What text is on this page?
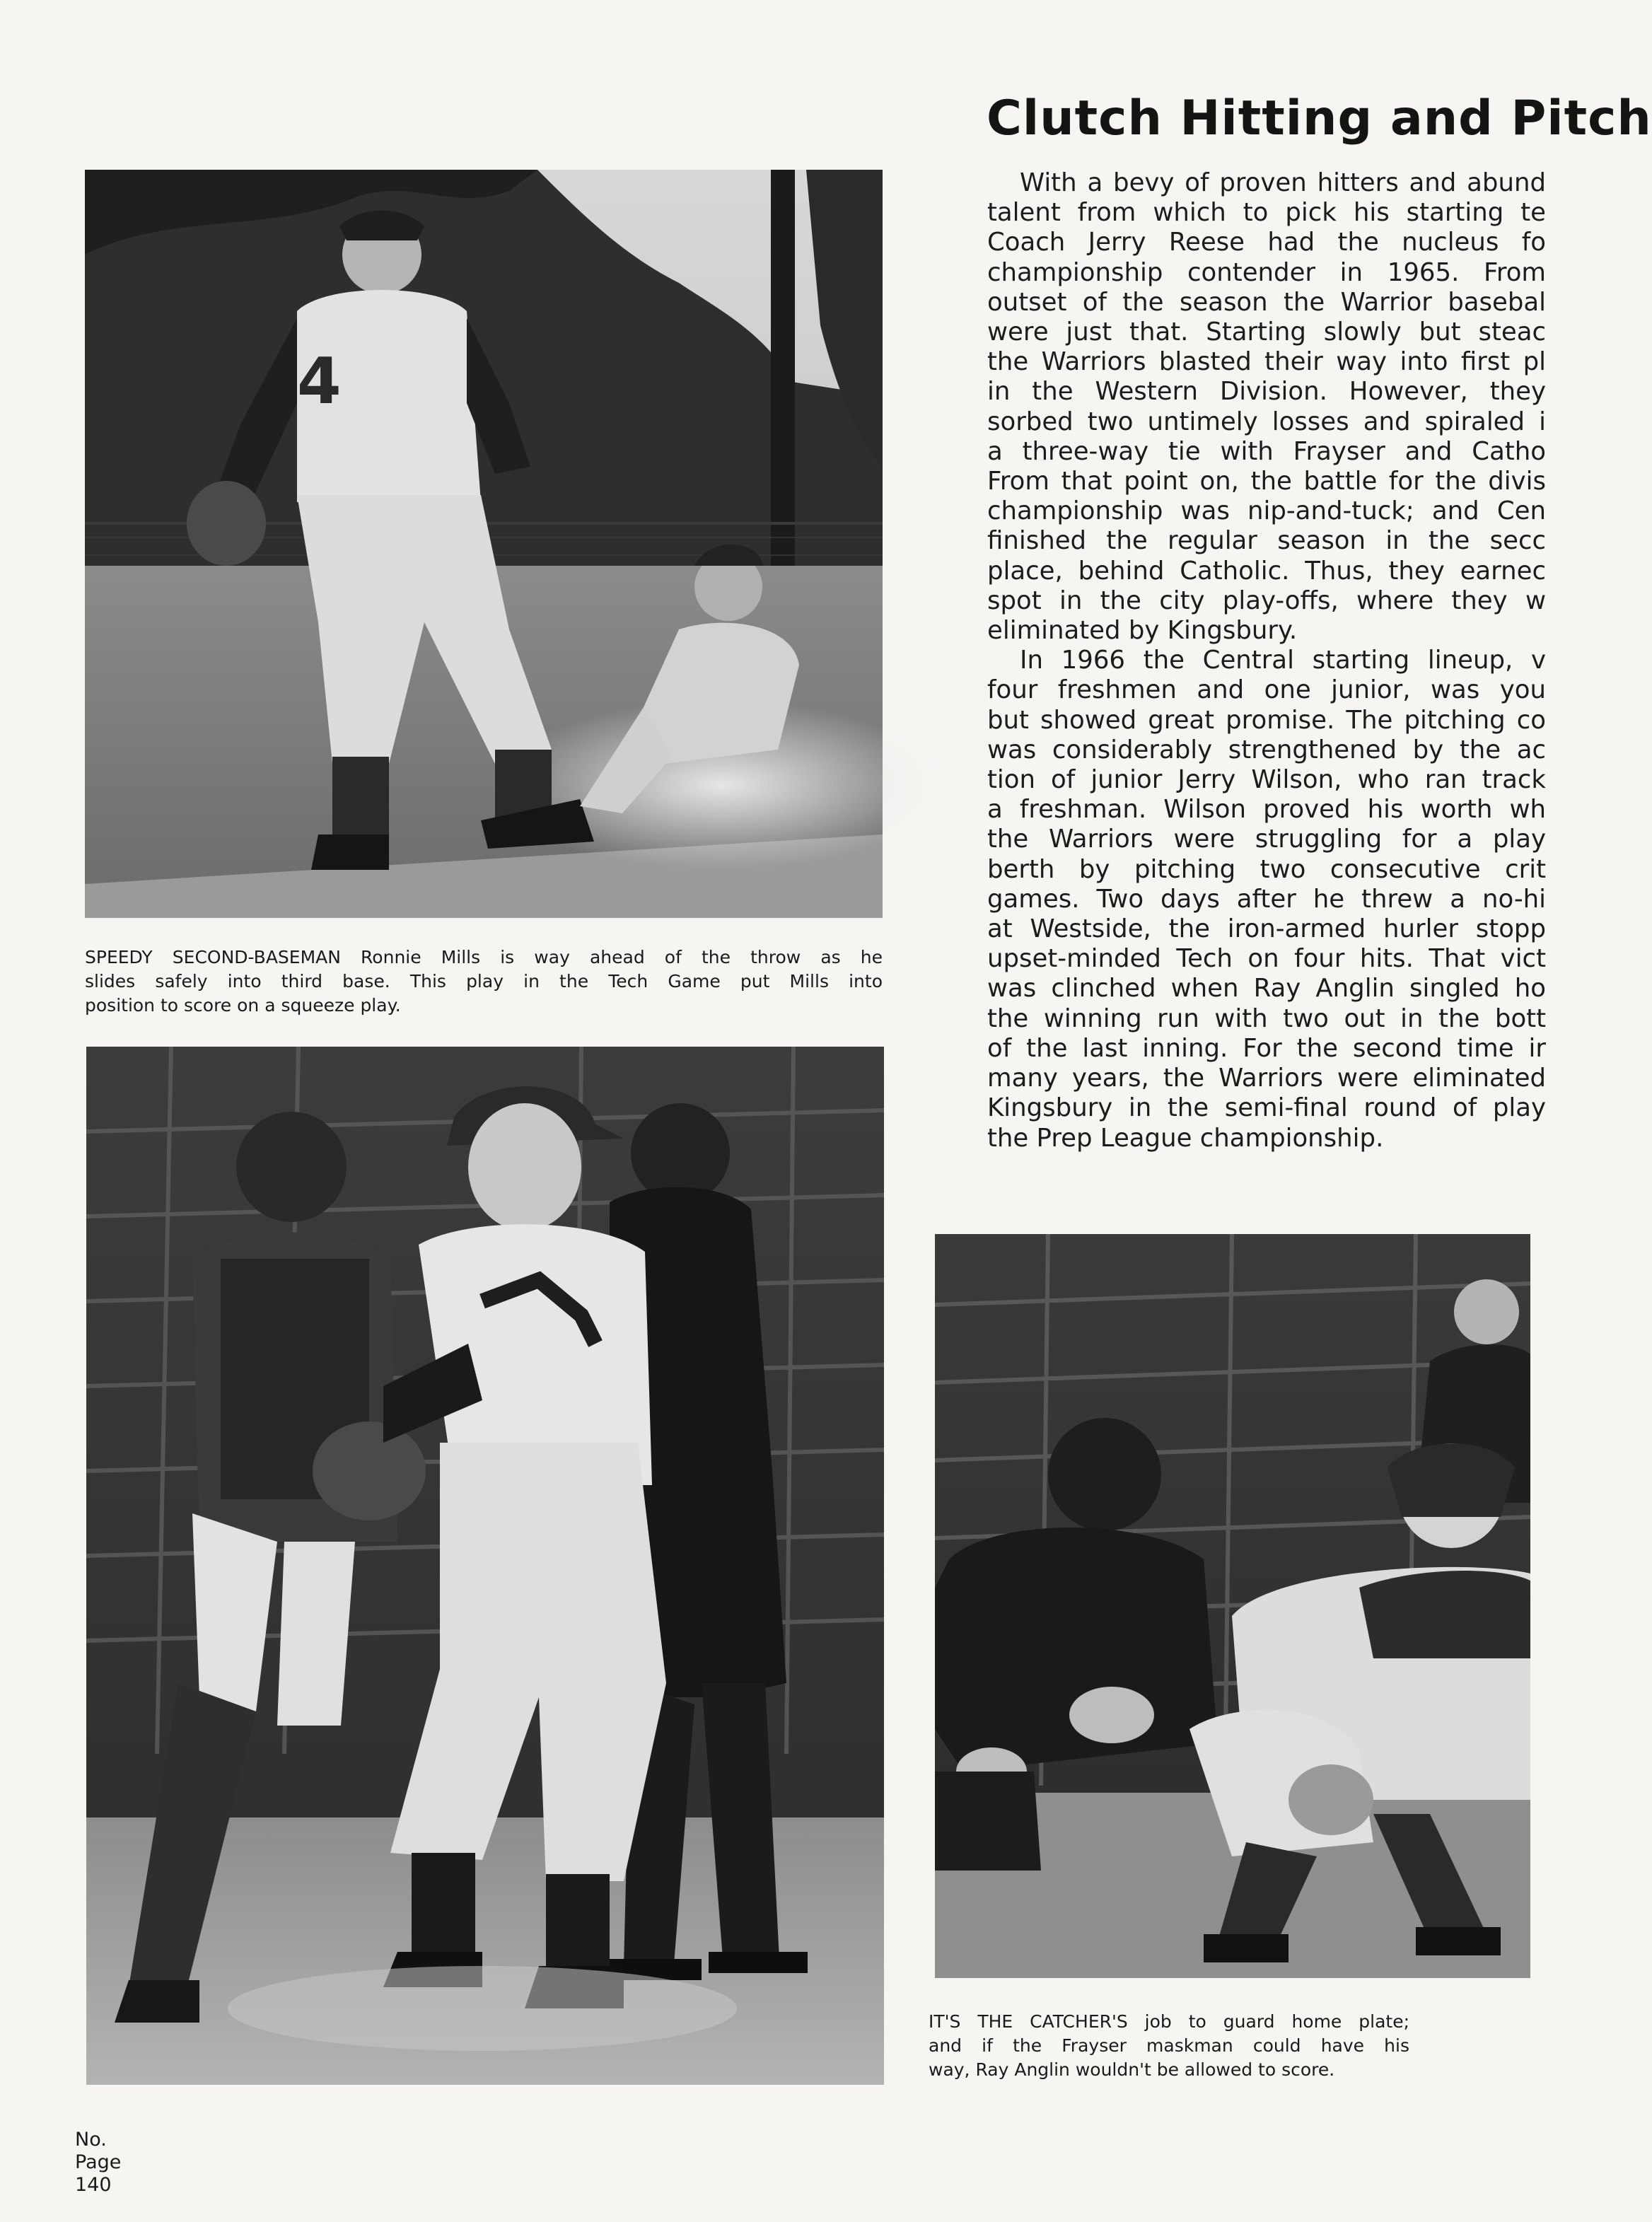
Clutch Hitting and Pitch
With a bevy of proven hitters and abund
talent from which to pick his starting te
Coach Jerry Reese had the nucleus fo
championship contender in 1965. From
outset of the season the Warrior basebal
were just that. Starting slowly but steac
the Warriors blasted their way into first pl
in the Western Division. However, they
sorbed two untimely losses and spiraled i
a three-way tie with Frayser and Catho
From that point on, the battle for the divis
championship was nip-and-tuck; and Cen
finished the regular season in the secc
place, behind Catholic. Thus, they earnec
spot in the city play-offs, where they w
eliminated by Kingsbury.
In 1966 the Central starting lineup, v
four freshmen and one junior, was you
but showed great promise. The pitching co
was considerably strengthened by the ac
tion of junior Jerry Wilson, who ran track
a freshman. Wilson proved his worth wh
the Warriors were struggling for a play
berth by pitching two consecutive crit
games. Two days after he threw a no-hi
at Westside, the iron-armed hurler stopp
upset-minded Tech on four hits. That vict
was clinched when Ray Anglin singled ho
the winning run with two out in the bott
of the last inning. For the second time ir
many years, the Warriors were eliminated
Kingsbury in the semi-final round of play
the Prep League championship.
4
SPEEDY SECOND-BASEMAN Ronnie Mills is way ahead of the throw as he
slides safely into third base. This play in the Tech Game put Mills into
position to score on a squeeze play.
IT'S THE CATCHER'S job to guard home plate;
and if the Frayser maskman could have his
way, Ray Anglin wouldn't be allowed to score.
No.
Page
140
